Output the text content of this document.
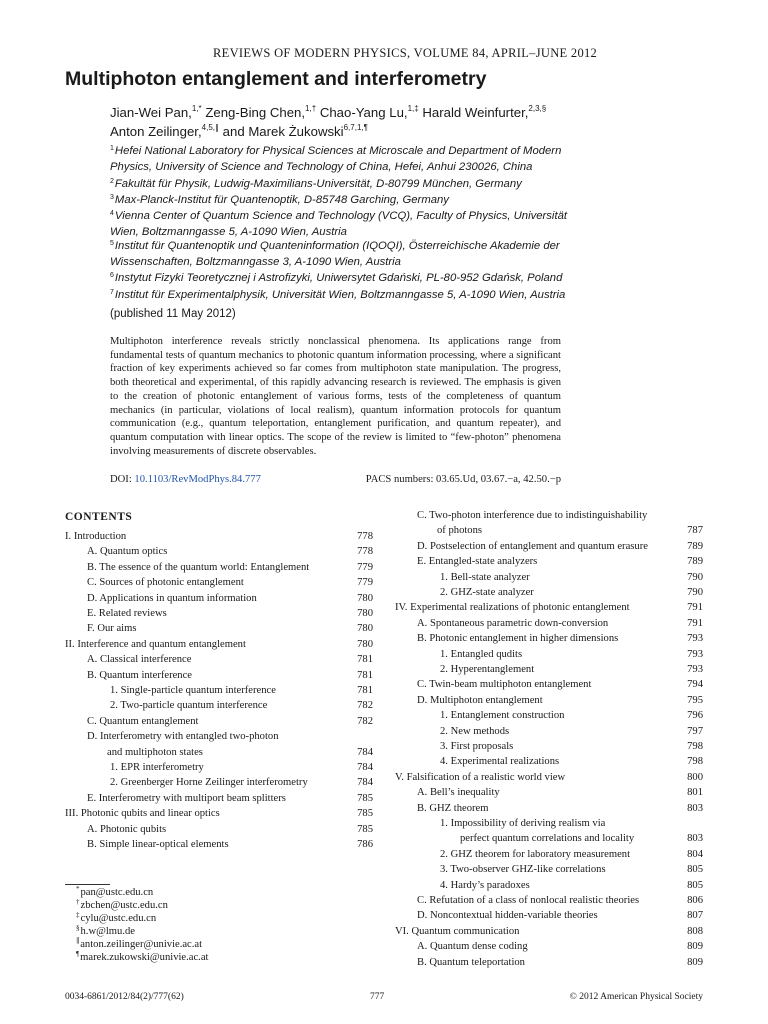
REVIEWS OF MODERN PHYSICS, VOLUME 84, APRIL–JUNE 2012
Multiphoton entanglement and interferometry
Jian-Wei Pan,$^{1,*}$ Zeng-Bing Chen,$^{1,\dagger}$ Chao-Yang Lu,$^{1,\ddagger}$ Harald Weinfurter,$^{2,3,\S}$
Anton Zeilinger,$^{4,5,\parallel}$ and Marek Żukowski$^{6,7,1,\P}$
$^1$Hefei National Laboratory for Physical Sciences at Microscale and Department of Modern Physics, University of Science and Technology of China, Hefei, Anhui 230026, China
$^2$Fakultät für Physik, Ludwig-Maximilians-Universität, D-80799 München, Germany
$^3$Max-Planck-Institut für Quantenoptik, D-85748 Garching, Germany
$^4$Vienna Center of Quantum Science and Technology (VCQ), Faculty of Physics, Universität Wien, Boltzmanngasse 5, A-1090 Wien, Austria
$^5$Institut für Quantenoptik und Quanteninformation (IQOQI), Österreichische Akademie der Wissenschaften, Boltzmanngasse 3, A-1090 Wien, Austria
$^6$Instytut Fizyki Teoretycznej i Astrofizyki, Uniwersytet Gdański, PL-80-952 Gdańsk, Poland
$^7$Institut für Experimentalphysik, Universität Wien, Boltzmanngasse 5, A-1090 Wien, Austria
(published 11 May 2012)
Multiphoton interference reveals strictly nonclassical phenomena. Its applications range from fundamental tests of quantum mechanics to photonic quantum information processing, where a significant fraction of key experiments achieved so far comes from multiphoton state manipulation. The progress, both theoretical and experimental, of this rapidly advancing research is reviewed. The emphasis is given to the creation of photonic entanglement of various forms, tests of the completeness of quantum mechanics (in particular, violations of local realism), quantum information protocols for quantum communication (e.g., quantum teleportation, entanglement purification, and quantum repeater), and quantum computation with linear optics. The scope of the review is limited to “few-photon” phenomena involving measurements of discrete observables.
DOI: 10.1103/RevModPhys.84.777	PACS numbers: 03.65.Ud, 03.67.−a, 42.50.−p
CONTENTS
I. Introduction	778
A. Quantum optics	778
B. The essence of the quantum world: Entanglement	779
C. Sources of photonic entanglement	779
D. Applications in quantum information	780
E. Related reviews	780
F. Our aims	780
II. Interference and quantum entanglement	780
A. Classical interference	781
B. Quantum interference	781
1. Single-particle quantum interference	781
2. Two-particle quantum interference	782
C. Quantum entanglement	782
D. Interferometry with entangled two-photon
and multiphoton states	784
1. EPR interferometry	784
2. Greenberger Horne Zeilinger interferometry	784
E. Interferometry with multiport beam splitters	785
III. Photonic qubits and linear optics	785
A. Photonic qubits	785
B. Simple linear-optical elements	786
C. Two-photon interference due to indistinguishability
of photons	787
D. Postselection of entanglement and quantum erasure	789
E. Entangled-state analyzers	789
1. Bell-state analyzer	790
2. GHZ-state analyzer	790
IV. Experimental realizations of photonic entanglement	791
A. Spontaneous parametric down-conversion	791
B. Photonic entanglement in higher dimensions	793
1. Entangled qudits	793
2. Hyperentanglement	793
C. Twin-beam multiphoton entanglement	794
D. Multiphoton entanglement	795
1. Entanglement construction	796
2. New methods	797
3. First proposals	798
4. Experimental realizations	798
V. Falsification of a realistic world view	800
A. Bell’s inequality	801
B. GHZ theorem	803
1. Impossibility of deriving realism via
perfect quantum correlations and locality	803
2. GHZ theorem for laboratory measurement	804
3. Two-observer GHZ-like correlations	805
4. Hardy’s paradoxes	805
C. Refutation of a class of nonlocal realistic theories	806
D. Noncontextual hidden-variable theories	807
VI. Quantum communication	808
A. Quantum dense coding	809
B. Quantum teleportation	809
*pan@ustc.edu.cn
†zbchen@ustc.edu.cn
‡cylu@ustc.edu.cn
§h.w@lmu.de
∥anton.zeilinger@univie.ac.at
¶marek.zukowski@univie.ac.at
0034-6861/2012/84(2)/777(62)	777	© 2012 American Physical Society
